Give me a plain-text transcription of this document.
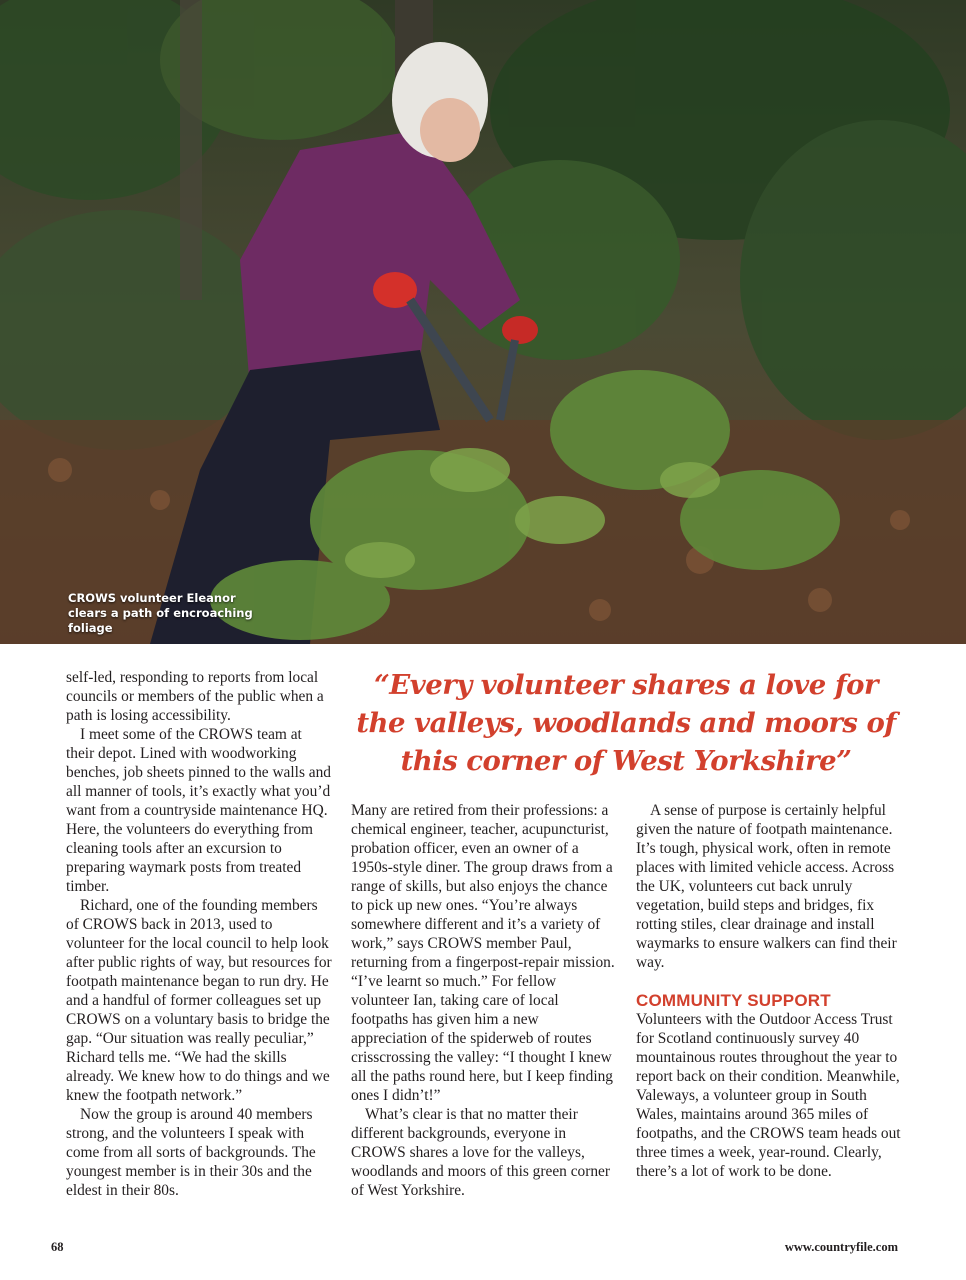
CROWS volunteer Eleanor clears a path of encroaching foliage

self-led, responding to reports from local councils or members of the public when a path is losing accessibility.

I meet some of the CROWS team at their depot. Lined with woodworking benches, job sheets pinned to the walls and all manner of tools, it’s exactly what you’d want from a countryside maintenance HQ. Here, the volunteers do everything from cleaning tools after an excursion to preparing waymark posts from treated timber.

Richard, one of the founding members of CROWS back in 2013, used to volunteer for the local council to help look after public rights of way, but resources for footpath maintenance began to run dry. He and a handful of former colleagues set up CROWS on a voluntary basis to bridge the gap. “Our situation was really peculiar,” Richard tells me. “We had the skills already. We knew how to do things and we knew the footpath network.”

Now the group is around 40 members strong, and the volunteers I speak with come from all sorts of backgrounds. The youngest member is in their 30s and the eldest in their 80s.

“Every volunteer shares a love for the valleys, woodlands and moors of this corner of West Yorkshire”

Many are retired from their professions: a chemical engineer, teacher, acupuncturist, probation officer, even an owner of a 1950s-style diner. The group draws from a range of skills, but also enjoys the chance to pick up new ones. “You’re always somewhere different and it’s a variety of work,” says CROWS member Paul, returning from a fingerpost-repair mission. “I’ve learnt so much.” For fellow volunteer Ian, taking care of local footpaths has given him a new appreciation of the spiderweb of routes crisscrossing the valley: “I thought I knew all the paths round here, but I keep finding ones I didn’t!”

What’s clear is that no matter their different backgrounds, everyone in CROWS shares a love for the valleys, woodlands and moors of this green corner of West Yorkshire.

A sense of purpose is certainly helpful given the nature of footpath maintenance. It’s tough, physical work, often in remote places with limited vehicle access. Across the UK, volunteers cut back unruly vegetation, build steps and bridges, fix rotting stiles, clear drainage and install waymarks to ensure walkers can find their way.

COMMUNITY SUPPORT

Volunteers with the Outdoor Access Trust for Scotland continuously survey 40 mountainous routes throughout the year to report back on their condition. Meanwhile, Valeways, a volunteer group in South Wales, maintains around 365 miles of footpaths, and the CROWS team heads out three times a week, year-round. Clearly, there’s a lot of work to be done.

68	www.countryfile.com
